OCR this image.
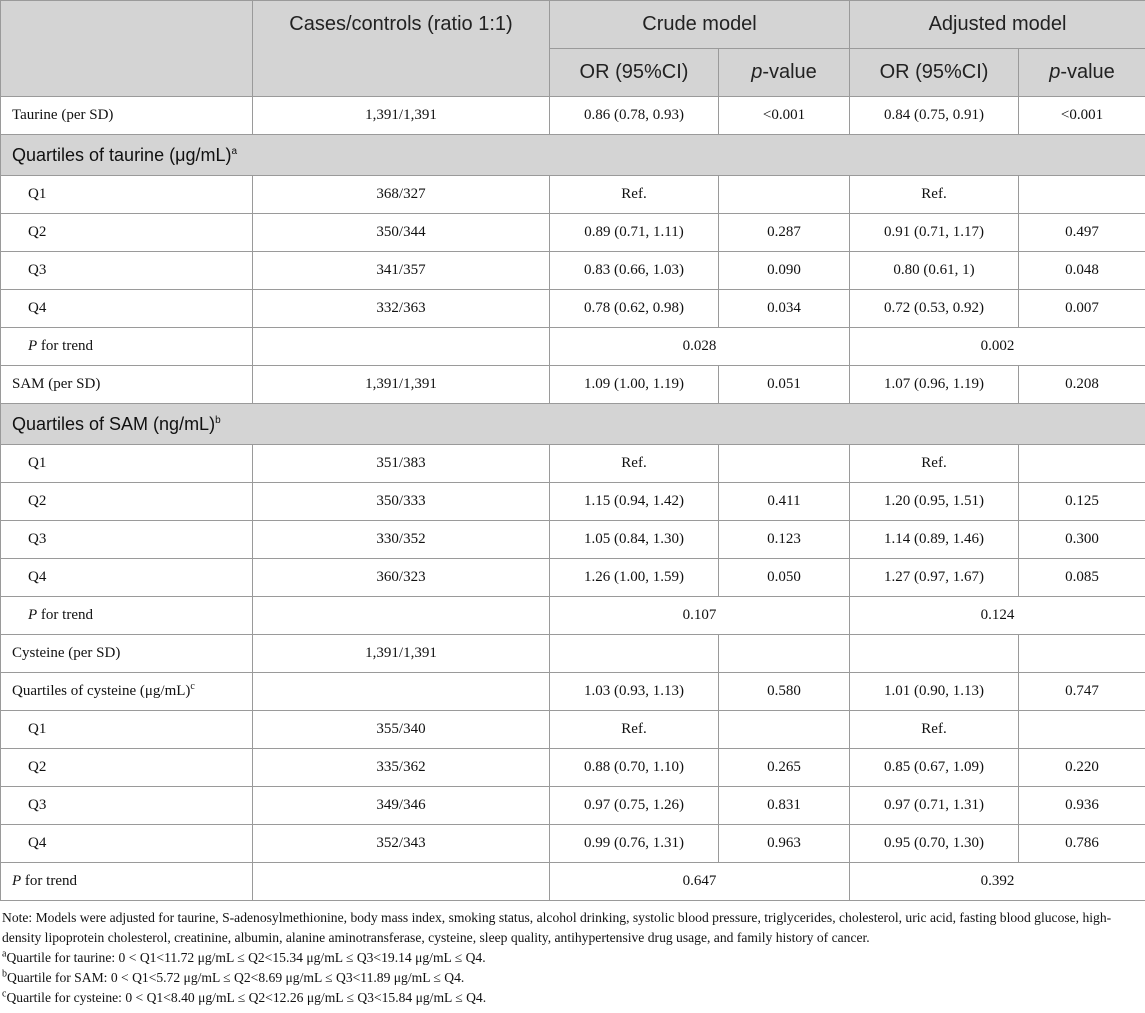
	Cases/controls (ratio 1:1)	Crude model		Adjusted model	
		OR (95%CI)	p-value	OR (95%CI)	p-value
Taurine (per SD)	1,391/1,391	0.86 (0.78, 0.93)	<0.001	0.84 (0.75, 0.91)	<0.001
Quartiles of taurine $(\mu g/mL)^a$
Q1	368/327	Ref.		Ref.	
Q2	350/344	0.89 (0.71, 1.11)	0.287	0.91 (0.71, 1.17)	0.497
Q3	341/357	0.83 (0.66, 1.03)	0.090	0.80 (0.61, 1)	0.048
Q4	332/363	0.78 (0.62, 0.98)	0.034	0.72 (0.53, 0.92)	0.007
P for trend		0.028		0.002	
SAM (per SD)	1,391/1,391	1.09 (1.00, 1.19)	0.051	1.07 (0.96, 1.19)	0.208
Quartiles of SAM $(ng/mL)^b$
Q1	351/383	Ref.		Ref.	
Q2	350/333	1.15 (0.94, 1.42)	0.411	1.20 (0.95, 1.51)	0.125
Q3	330/352	1.05 (0.84, 1.30)	0.123	1.14 (0.89, 1.46)	0.300
Q4	360/323	1.26 (1.00, 1.59)	0.050	1.27 (0.97, 1.67)	0.085
P for trend		0.107		0.124	
Cysteine (per SD)	1,391/1,391				
Quartiles of cysteine $(\mu g/mL)^c$		1.03 (0.93, 1.13)	0.580	1.01 (0.90, 1.13)	0.747
Q1	355/340	Ref.		Ref.	
Q2	335/362	0.88 (0.70, 1.10)	0.265	0.85 (0.67, 1.09)	0.220
Q3	349/346	0.97 (0.75, 1.26)	0.831	0.97 (0.71, 1.31)	0.936
Q4	352/343	0.99 (0.76, 1.31)	0.963	0.95 (0.70, 1.30)	0.786
P for trend		0.647		0.392	

Note: Models were adjusted for taurine, S-adenosylmethionine, body mass index, smoking status, alcohol drinking, systolic blood pressure, triglycerides, cholesterol, uric acid, fasting blood glucose, high-density lipoprotein cholesterol, creatinine, albumin, alanine aminotransferase, cysteine, sleep quality, antihypertensive drug usage, and family history of cancer.

$^a$Quartile for taurine: 0 < Q1<11.72 μg/mL ≤ Q2<15.34 μg/mL ≤ Q3<19.14 μg/mL ≤ Q4.

$^b$Quartile for SAM: 0 < Q1<5.72 μg/mL ≤ Q2<8.69 μg/mL ≤ Q3<11.89 μg/mL ≤ Q4.

$^c$Quartile for cysteine: 0 < Q1<8.40 μg/mL ≤ Q2<12.26 μg/mL ≤ Q3<15.84 μg/mL ≤ Q4.
